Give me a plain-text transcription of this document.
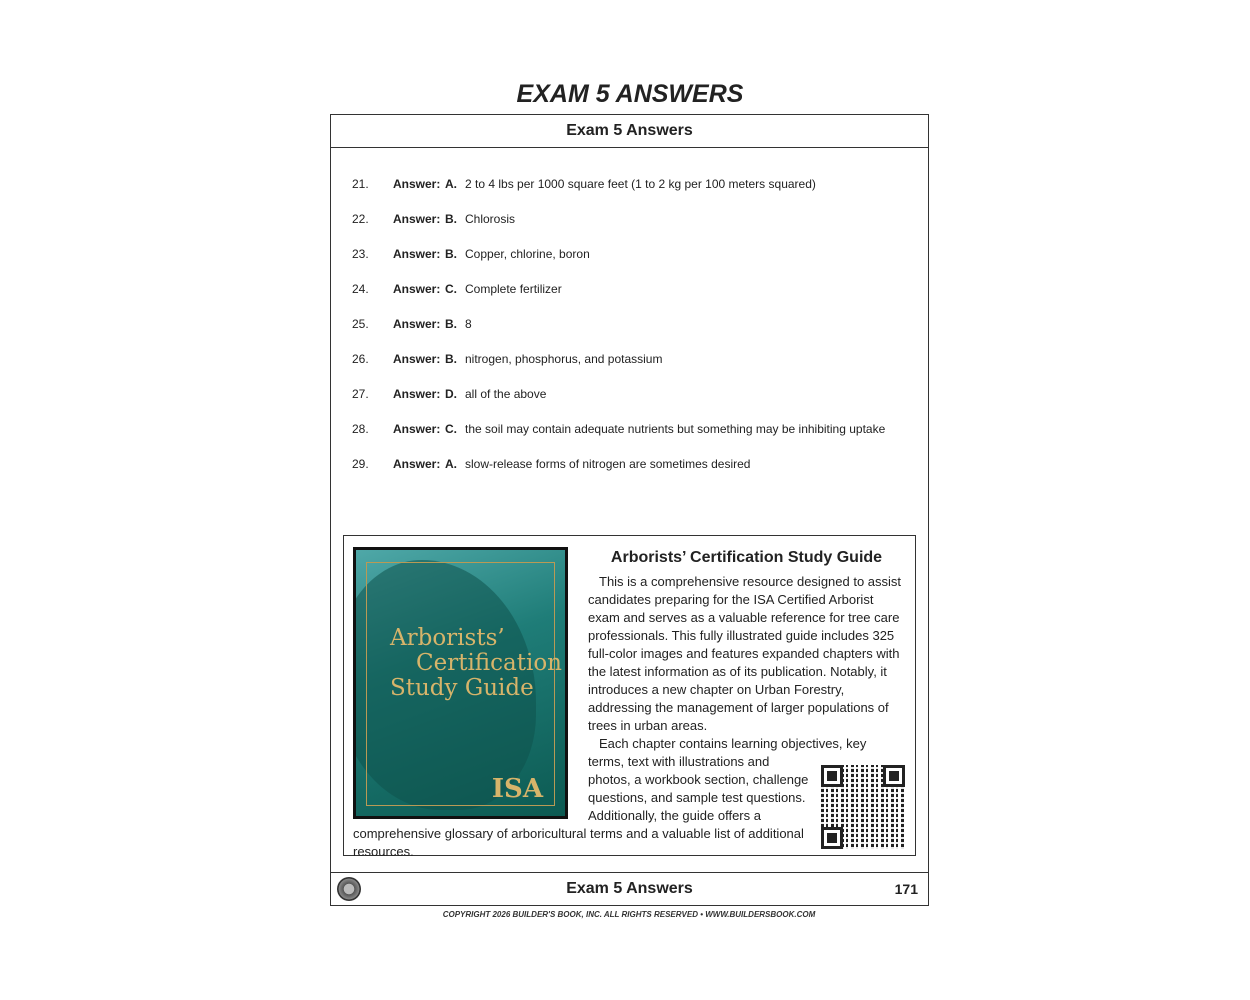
EXAM 5 ANSWERS
Exam 5 Answers
21.	Answer: A. 2 to 4 lbs per 1000 square feet (1 to 2 kg per 100 meters squared)
22.	Answer: B. Chlorosis
23.	Answer: B. Copper, chlorine, boron
24.	Answer: C. Complete fertilizer
25.	Answer: B. 8
26.	Answer: B. nitrogen, phosphorus, and potassium
27.	Answer: D. all of the above
28.	Answer: C. the soil may contain adequate nutrients but something may be inhibiting uptake
29.	Answer: A. slow-release forms of nitrogen are sometimes desired
Arborists’
Certification
Study Guide
ISA
Arborists’ Certification Study Guide

This is a comprehensive resource designed to assist candidates preparing for the ISA Certified Arborist exam and serves as a valuable reference for tree care professionals. This fully illustrated guide includes 325 full-color images and features expanded chapters with the latest information as of its publication. Notably, it introduces a new chapter on Urban Forestry, addressing the management of larger populations of trees in urban areas.

Each chapter contains learning objectives, key terms, text with illustrations and photos, a workbook section, challenge questions, and sample test questions. Additionally, the guide offers a comprehensive glossary of arboricultural terms and a valuable list of additional resources.

Exam 5 Answers	171
COPYRIGHT 2026 BUILDER'S BOOK, INC. ALL RIGHTS RESERVED • WWW.BUILDERSBOOK.COM
